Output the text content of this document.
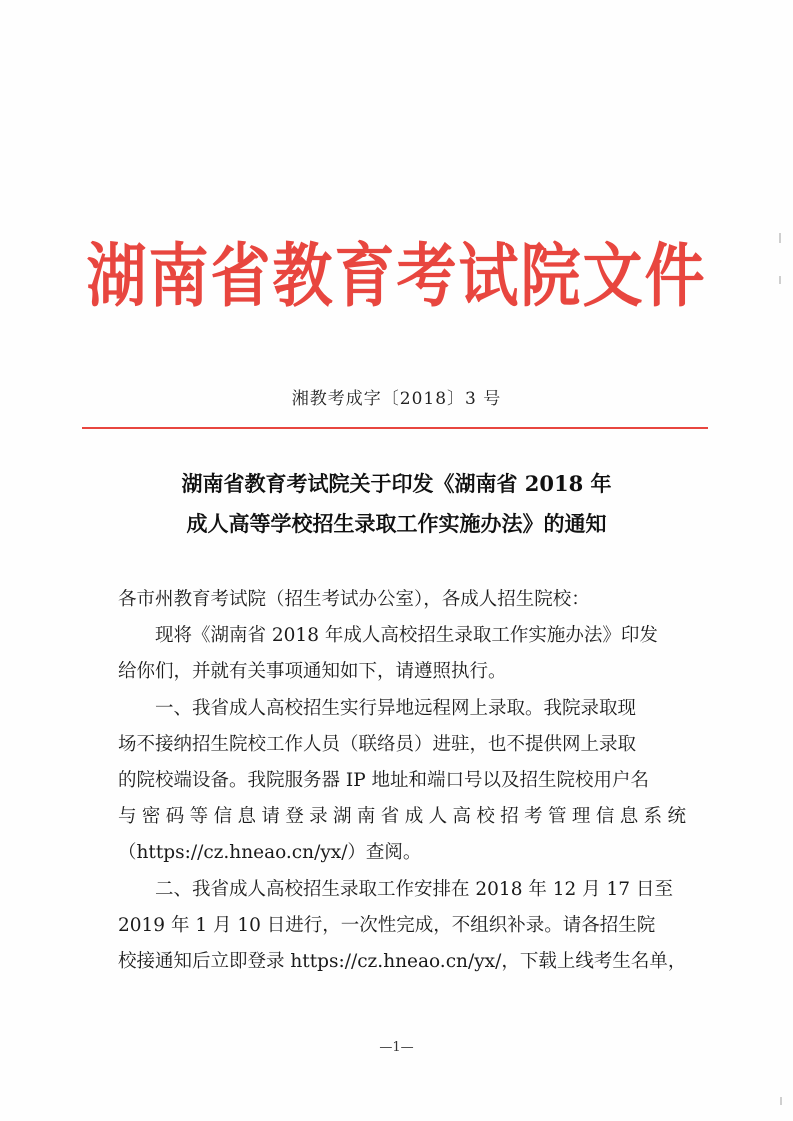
湖南省教育考试院文件
湘教考成字〔2018〕3 号
湖南省教育考试院关于印发《湖南省 2018 年
成人高等学校招生录取工作实施办法》的通知

各市州教育考试院（招生考试办公室），各成人招生院校：

现将《湖南省 2018 年成人高校招生录取工作实施办法》印发
给你们，并就有关事项通知如下，请遵照执行。

一、我省成人高校招生实行异地远程网上录取。我院录取现
场不接纳招生院校工作人员（联络员）进驻，也不提供网上录取
的院校端设备。我院服务器 IP 地址和端口号以及招生院校用户名
与密码等信息请登录湖南省成人高校招考管理信息系统
（https://cz.hneao.cn/yx/）查阅。

二、我省成人高校招生录取工作安排在 2018 年 12 月 17 日至
2019 年 1 月 10 日进行，一次性完成，不组织补录。请各招生院
校接通知后立即登录 https://cz.hneao.cn/yx/，下载上线考生名单，

—1—
